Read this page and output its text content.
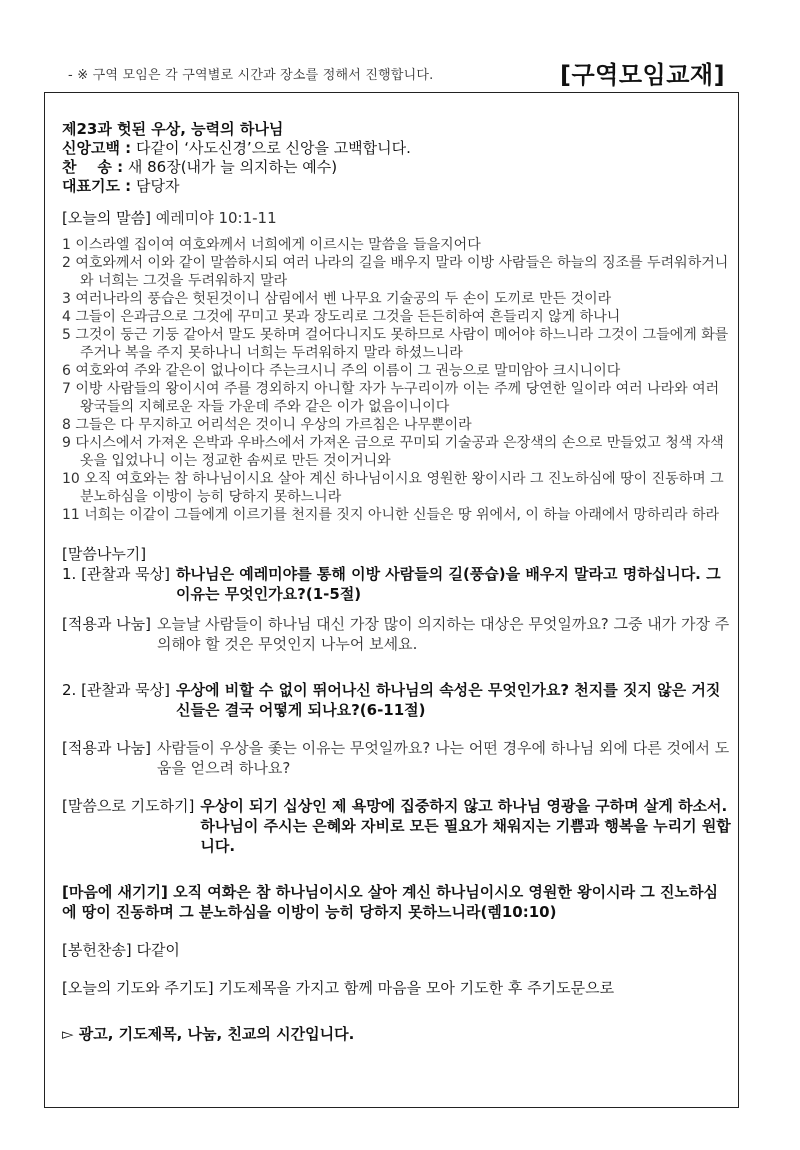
- ※ 구역 모임은 각 구역별로 시간과 장소를 정해서 진행합니다.	[구역모임교재]
제23과 헛된 우상, 능력의 하나님
신앙고백 : 다같이 ‘사도신경’으로 신앙을 고백합니다.
찬    송 : 새 86장(내가 늘 의지하는 예수)
대표기도 : 담당자
[오늘의 말씀] 예레미야 10:1-11
1 이스라엘 집이여 여호와께서 너희에게 이르시는 말씀을 들을지어다
2 여호와께서 이와 같이 말씀하시되 여러 나라의 길을 배우지 말라 이방 사람들은 하늘의 징조를 두려워하거니와 너희는 그것을 두려워하지 말라
3 여러나라의 풍습은 헛된것이니 삼림에서 벤 나무요 기술공의 두 손이 도끼로 만든 것이라
4 그들이 은과금으로 그것에 꾸미고 못과 장도리로 그것을 든든히하여 흔들리지 않게 하나니
5 그것이 둥근 기둥 같아서 말도 못하며 걸어다니지도 못하므로 사람이 메어야 하느니라 그것이 그들에게 화를 주거나 복을 주지 못하나니 너희는 두려워하지 말라 하셨느니라
6 여호와여 주와 같은이 없나이다 주는크시니 주의 이름이 그 권능으로 말미암아 크시니이다
7 이방 사람들의 왕이시여 주를 경외하지 아니할 자가 누구리이까 이는 주께 당연한 일이라 여러 나라와 여러 왕국들의 지혜로운 자들 가운데 주와 같은 이가 없음이니이다
8 그들은 다 무지하고 어리석은 것이니 우상의 가르침은 나무뿐이라
9 다시스에서 가져온 은박과 우바스에서 가져온 금으로 꾸미되 기술공과 은장색의 손으로 만들었고 청색 자색 옷을 입었나니 이는 정교한 솜씨로 만든 것이거니와
10 오직 여호와는 참 하나님이시요 살아 계신 하나님이시요 영원한 왕이시라 그 진노하심에 땅이 진동하며 그 분노하심을 이방이 능히 당하지 못하느니라
11 너희는 이같이 그들에게 이르기를 천지를 짓지 아니한 신들은 땅 위에서, 이 하늘 아래에서 망하리라 하라
[말씀나누기]
1. [관찰과 묵상] 하나님은 예레미야를 통해 이방 사람들의 길(풍습)을 배우지 말라고 명하십니다. 그 이유는 무엇인가요?(1-5절)
[적용과 나눔] 오늘날 사람들이 하나님 대신 가장 많이 의지하는 대상은 무엇일까요? 그중 내가 가장 주의해야 할 것은 무엇인지 나누어 보세요.
2. [관찰과 묵상] 우상에 비할 수 없이 뛰어나신 하나님의 속성은 무엇인가요? 천지를 짓지 않은 거짓 신들은 결국 어떻게 되나요?(6-11절)
[적용과 나눔] 사람들이 우상을 좇는 이유는 무엇일까요? 나는 어떤 경우에 하나님 외에 다른 것에서 도움을 얻으려 하나요?
[말씀으로 기도하기] 우상이 되기 십상인 제 욕망에 집중하지 않고 하나님 영광을 구하며 살게 하소서. 하나님이 주시는 은혜와 자비로 모든 필요가 채워지는 기쁨과 행복을 누리기 원합니다.
[마음에 새기기] 오직 여화은 참 하나님이시오 살아 계신 하나님이시오 영원한 왕이시라 그 진노하심에 땅이 진동하며 그 분노하심을 이방이 능히 당하지 못하느니라(렘10:10)
[봉헌찬송] 다같이
[오늘의 기도와 주기도] 기도제목을 가지고 함께 마음을 모아 기도한 후 주기도문으로
▻ 광고, 기도제목, 나눔, 친교의 시간입니다.
